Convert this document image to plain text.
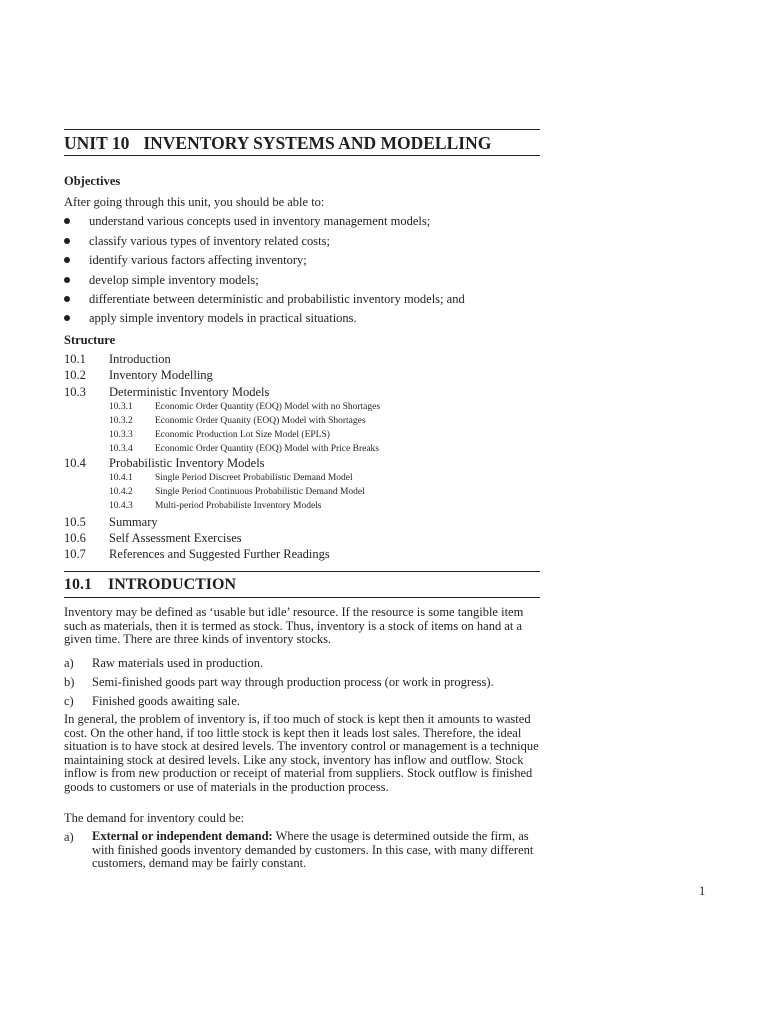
UNIT 10 INVENTORY SYSTEMS AND MODELLING
Objectives
After going through this unit, you should be able to:
understand various concepts used in inventory management models;
classify various types of inventory related costs;
identify various factors affecting inventory;
develop simple inventory models;
differentiate between deterministic and probabilistic inventory models; and
apply simple inventory models in practical situations.
Structure
10.1 Introduction
10.2 Inventory Modelling
10.3 Deterministic Inventory Models
10.3.1 Economic Order Quantity (EOQ) Model with no Shortages
10.3.2 Economic Order Quanity (EOQ) Model with Shortages
10.3.3 Economic Production Lot Size Model (EPLS)
10.3.4 Economic Order Quantity (EOQ) Model with Price Breaks
10.4 Probabilistic Inventory Models
10.4.1 Single Period Discreet Probabilistic Demand Model
10.4.2 Single Period Continuous Probabilistic Demand Model
10.4.3 Multi-period Probabiliste Inventory Models
10.5 Summary
10.6 Self Assessment Exercises
10.7 References and Suggested Further Readings
10.1 INTRODUCTION
Inventory may be defined as ‘usable but idle’ resource. If the resource is some tangible item such as materials, then it is termed as stock. Thus, inventory is a stock of items on hand at a given time. There are three kinds of inventory stocks.
a) Raw materials used in production.
b) Semi-finished goods part way through production process (or work in progress).
c) Finished goods awaiting sale.
In general, the problem of inventory is, if too much of stock is kept then it amounts to wasted cost. On the other hand, if too little stock is kept then it leads lost sales. Therefore, the ideal situation is to have stock at desired levels. The inventory control or management is a technique maintaining stock at desired levels. Like any stock, inventory has inflow and outflow. Stock inflow is from new production or receipt of material from suppliers. Stock outflow is finished goods to customers or use of materials in the production process.
The demand for inventory could be:
a) External or independent demand: Where the usage is determined outside the firm, as with finished goods inventory demanded by customers. In this case, with many different customers, demand may be fairly constant.
1
